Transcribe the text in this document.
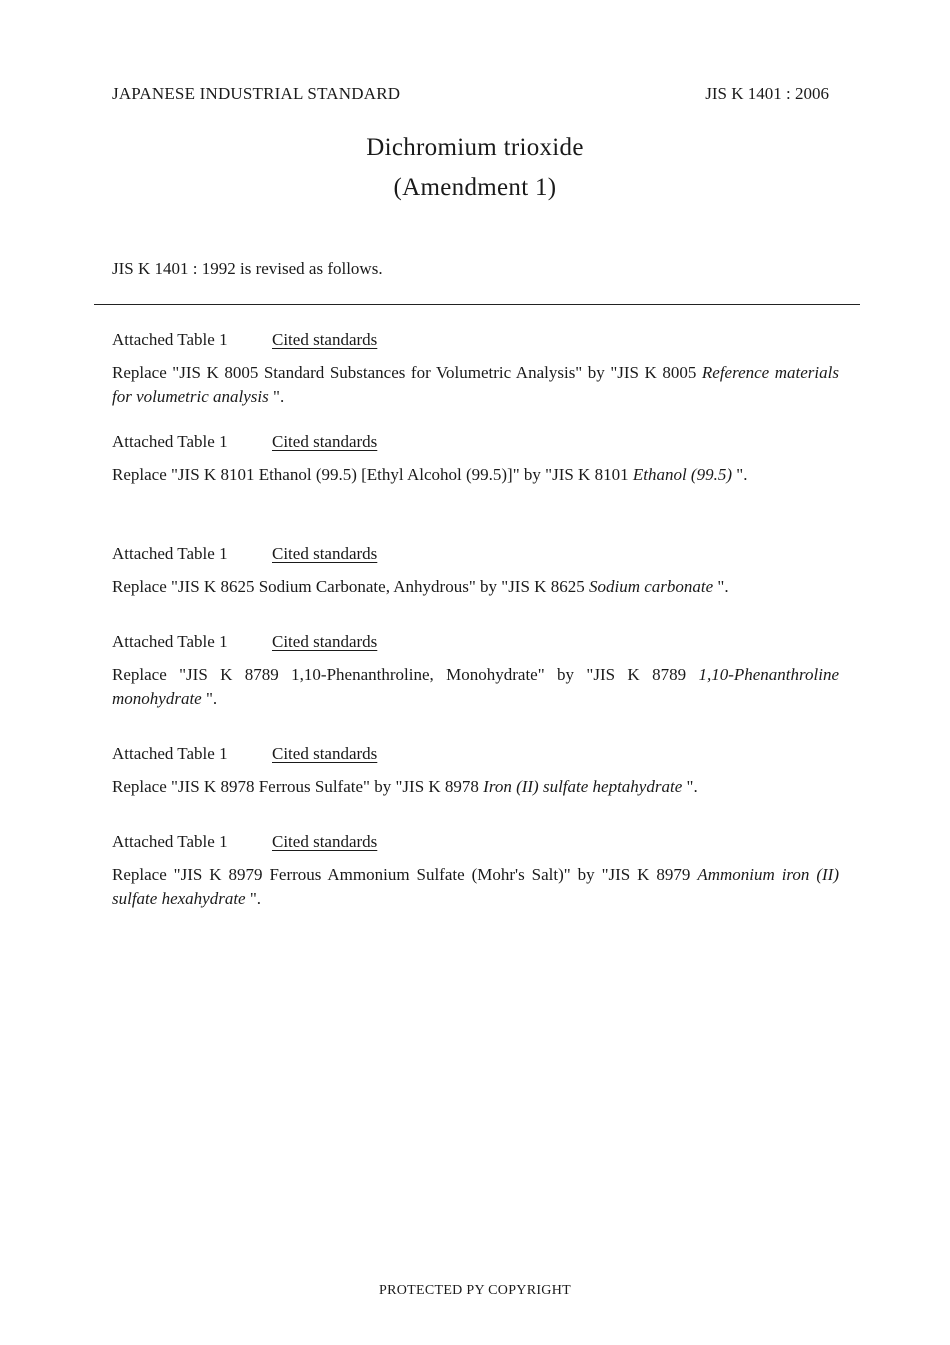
JAPANESE INDUSTRIAL STANDARD	JIS K 1401 : 2006
Dichromium trioxide
(Amendment 1)
JIS K 1401 : 1992 is revised as follows.
Attached Table 1	Cited standards
Replace "JIS K 8005 Standard Substances for Volumetric Analysis" by "JIS K 8005 Reference materials for volumetric analysis ".
Attached Table 1	Cited standards
Replace "JIS K 8101 Ethanol (99.5) [Ethyl Alcohol (99.5)]" by "JIS K 8101 Ethanol (99.5) ".
Attached Table 1	Cited standards
Replace "JIS K 8625 Sodium Carbonate, Anhydrous" by "JIS K 8625 Sodium carbonate ".
Attached Table 1	Cited standards
Replace "JIS K 8789 1,10-Phenanthroline, Monohydrate" by "JIS K 8789 1,10-Phenanthroline monohydrate ".
Attached Table 1	Cited standards
Replace "JIS K 8978 Ferrous Sulfate" by "JIS K 8978 Iron (II) sulfate heptahydrate ".
Attached Table 1	Cited standards
Replace "JIS K 8979 Ferrous Ammonium Sulfate (Mohr's Salt)" by "JIS K 8979 Ammonium iron (II) sulfate hexahydrate ".
PROTECTED PY COPYRIGHT
